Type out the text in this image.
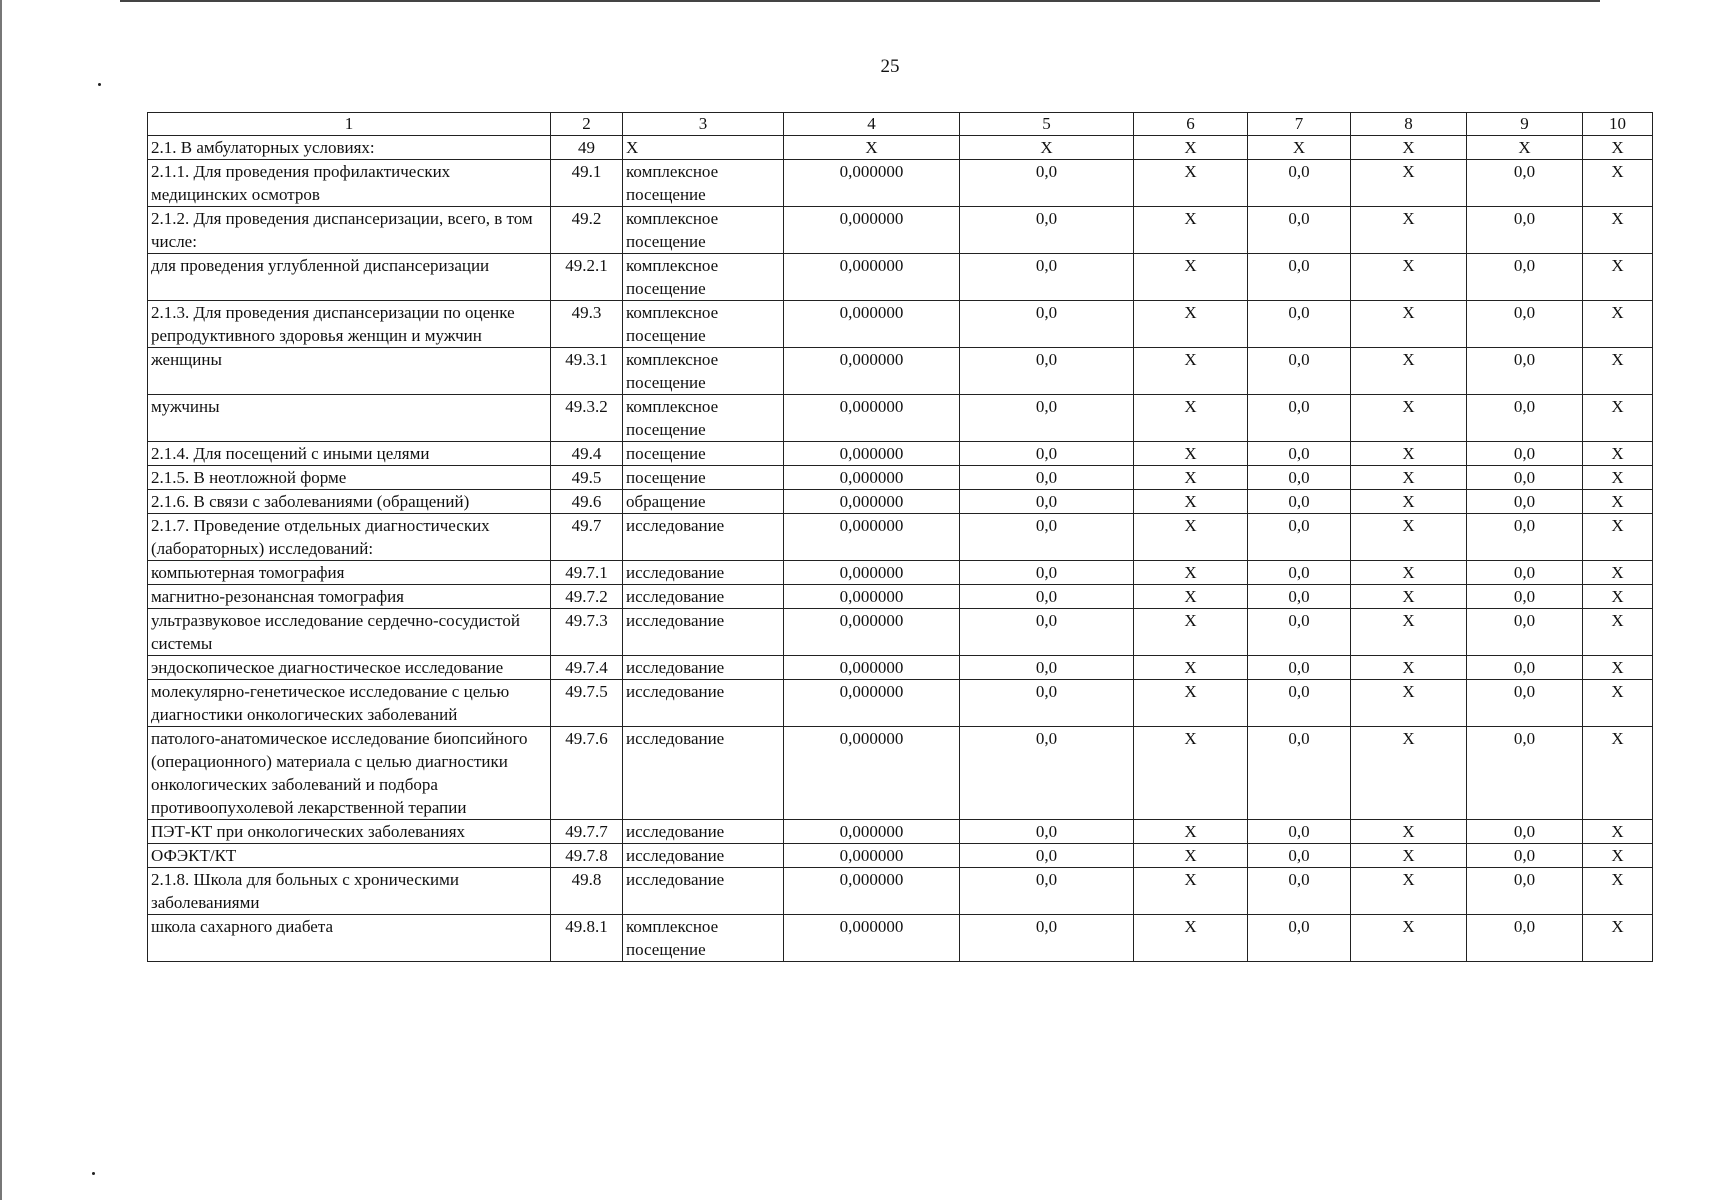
25
1	2	3	4	5	6	7	8	9	10
2.1. В амбулаторных условиях:	49	X	X	X	X	X	X	X	X
2.1.1. Для проведения профилактических медицинских осмотров	49.1	комплексное посещение	0,000000	0,0	X	0,0	X	0,0	X
2.1.2. Для проведения диспансеризации, всего, в том числе:	49.2	комплексное посещение	0,000000	0,0	X	0,0	X	0,0	X
для проведения углубленной диспансеризации	49.2.1	комплексное посещение	0,000000	0,0	X	0,0	X	0,0	X
2.1.3. Для проведения диспансеризации по оценке репродуктивного здоровья женщин и мужчин	49.3	комплексное посещение	0,000000	0,0	X	0,0	X	0,0	X
женщины	49.3.1	комплексное посещение	0,000000	0,0	X	0,0	X	0,0	X
мужчины	49.3.2	комплексное посещение	0,000000	0,0	X	0,0	X	0,0	X
2.1.4. Для посещений с иными целями	49.4	посещение	0,000000	0,0	X	0,0	X	0,0	X
2.1.5. В неотложной форме	49.5	посещение	0,000000	0,0	X	0,0	X	0,0	X
2.1.6. В связи с заболеваниями (обращений)	49.6	обращение	0,000000	0,0	X	0,0	X	0,0	X
2.1.7. Проведение отдельных диагностических (лабораторных) исследований:	49.7	исследование	0,000000	0,0	X	0,0	X	0,0	X
компьютерная томография	49.7.1	исследование	0,000000	0,0	X	0,0	X	0,0	X
магнитно-резонансная томография	49.7.2	исследование	0,000000	0,0	X	0,0	X	0,0	X
ультразвуковое исследование сердечно-сосудистой системы	49.7.3	исследование	0,000000	0,0	X	0,0	X	0,0	X
эндоскопическое диагностическое исследование	49.7.4	исследование	0,000000	0,0	X	0,0	X	0,0	X
молекулярно-генетическое исследование с целью диагностики онкологических заболеваний	49.7.5	исследование	0,000000	0,0	X	0,0	X	0,0	X
патолого-анатомическое исследование биопсийного (операционного) материала с целью диагностики онкологических заболеваний и подбора противоопухолевой лекарственной терапии	49.7.6	исследование	0,000000	0,0	X	0,0	X	0,0	X
ПЭТ-КТ при онкологических заболеваниях	49.7.7	исследование	0,000000	0,0	X	0,0	X	0,0	X
ОФЭКТ/КТ	49.7.8	исследование	0,000000	0,0	X	0,0	X	0,0	X
2.1.8. Школа для больных с хроническими заболеваниями	49.8	исследование	0,000000	0,0	X	0,0	X	0,0	X
школа сахарного диабета	49.8.1	комплексное посещение	0,000000	0,0	X	0,0	X	0,0	X
